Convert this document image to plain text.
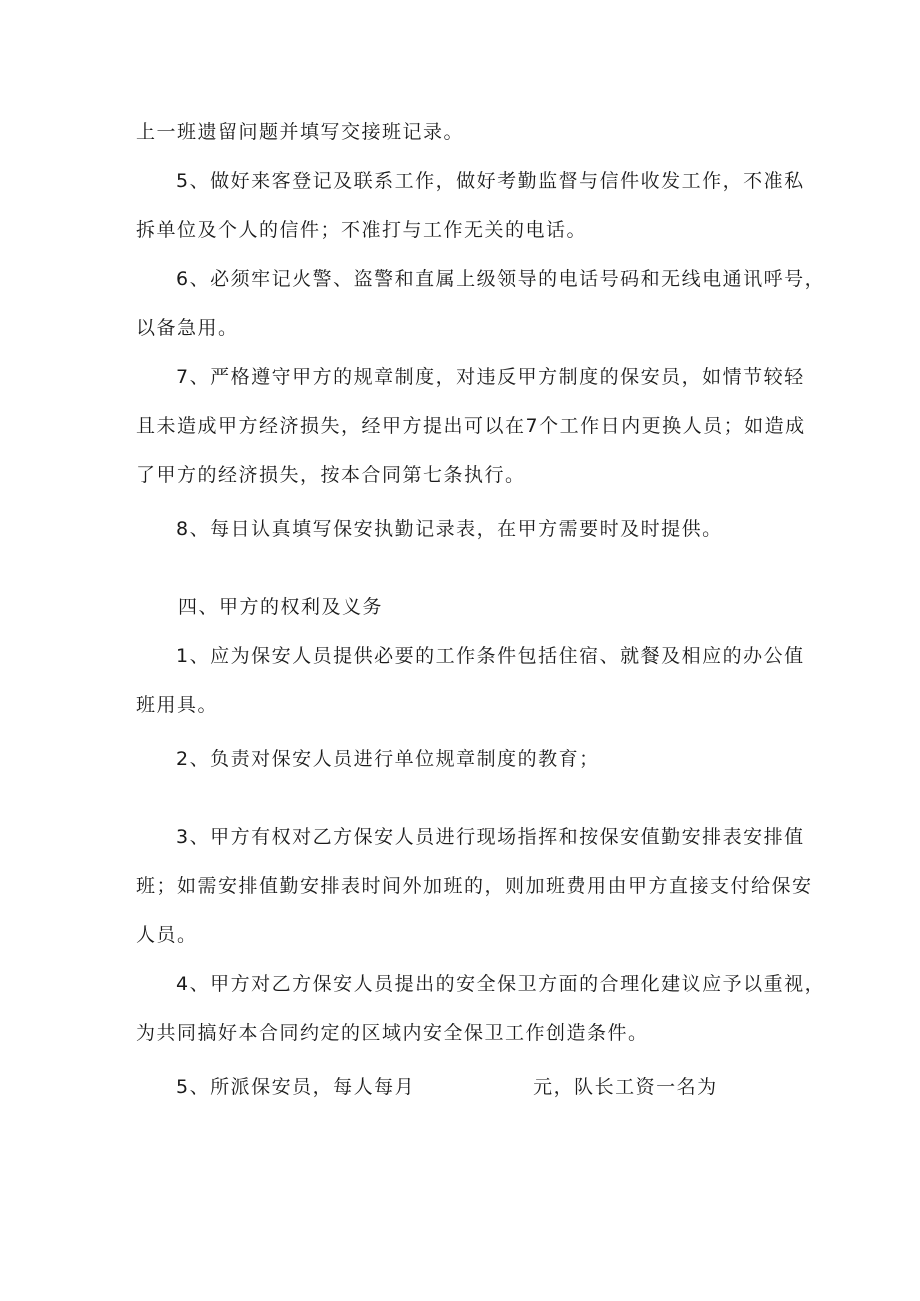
上一班遗留问题并填写交接班记录。
5、做好来客登记及联系工作，做好考勤监督与信件收发工作，不准私
拆单位及个人的信件；不准打与工作无关的电话。
6、必须牢记火警、盗警和直属上级领导的电话号码和无线电通讯呼号，
以备急用。
7、严格遵守甲方的规章制度，对违反甲方制度的保安员，如情节较轻
且未造成甲方经济损失，经甲方提出可以在7个工作日内更换人员；如造成
了甲方的经济损失，按本合同第七条执行。
8、每日认真填写保安执勤记录表，在甲方需要时及时提供。
四、甲方的权利及义务
1、应为保安人员提供必要的工作条件包括住宿、就餐及相应的办公值
班用具。
2、负责对保安人员进行单位规章制度的教育；
3、甲方有权对乙方保安人员进行现场指挥和按保安值勤安排表安排值
班；如需安排值勤安排表时间外加班的，则加班费用由甲方直接支付给保安
人员。
4、甲方对乙方保安人员提出的安全保卫方面的合理化建议应予以重视，
为共同搞好本合同约定的区域内安全保卫工作创造条件。
5、所派保安员，每人每月	元，队长工资一名为
